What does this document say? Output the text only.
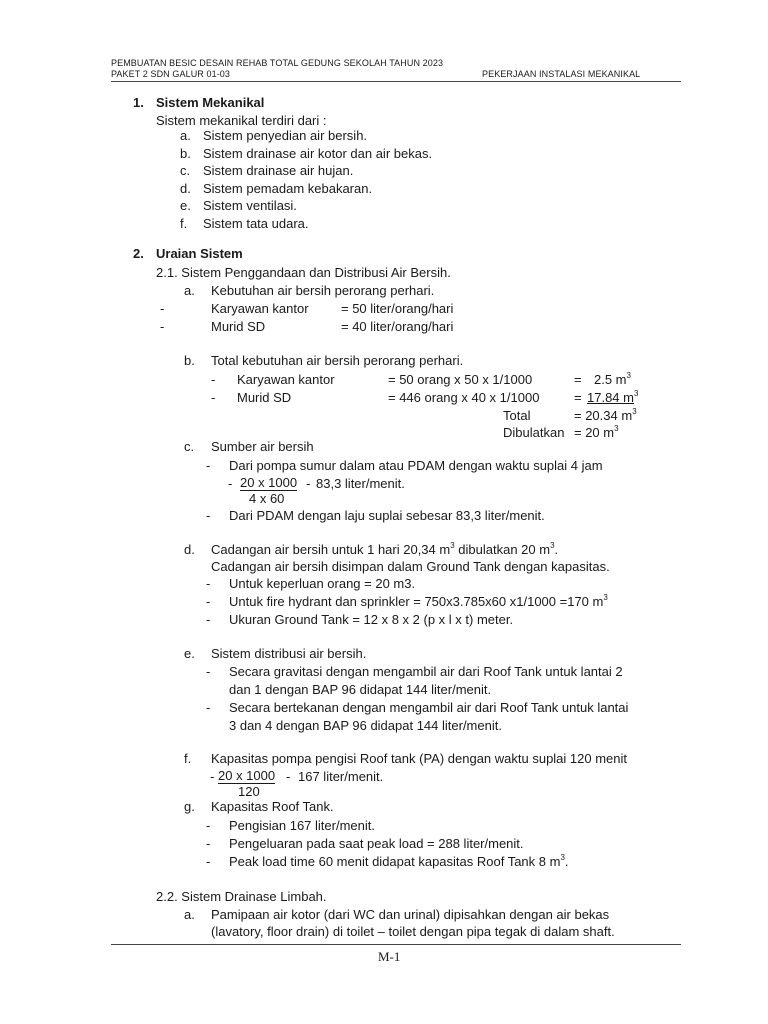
PEMBUATAN BESIC DESAIN REHAB TOTAL GEDUNG SEKOLAH TAHUN 2023
PAKET 2 SDN GALUR 01-03	PEKERJAAN INSTALASI MEKANIKAL
1. Sistem Mekanikal
Sistem mekanikal terdiri dari :
a. Sistem penyedian air bersih.
b. Sistem drainase air kotor dan air bekas.
c. Sistem drainase air hujan.
d. Sistem pemadam kebakaran.
e. Sistem ventilasi.
f. Sistem tata udara.
2. Uraian Sistem
2.1. Sistem Penggandaan dan Distribusi Air Bersih.
a. Kebutuhan air bersih perorang perhari.
-	Karyawan kantor = 50 liter/orang/hari
-	Murid SD	= 40 liter/orang/hari
b. Total kebutuhan air bersih perorang perhari.
- Karyawan kantor	= 50 orang x 50 x 1/1000	= 2.5 $m^3$
- Murid SD	= 446 orang x 40 x 1/1000	= 17.84 $m^3$
Total	= 20.34 $m^3$
Dibulatkan = 20 $m^3$
c. Sumber air bersih
- Dari pompa sumur dalam atau PDAM dengan waktu suplai 4 jam
- 20 x 1000 - 83,3 liter/menit.
4 x 60
- Dari PDAM dengan laju suplai sebesar 83,3 liter/menit.
d. Cadangan air bersih untuk 1 hari 20,34 $m^3$ dibulatkan 20 $m^3$.
Cadangan air bersih disimpan dalam Ground Tank dengan kapasitas.
- Untuk keperluan orang = 20 m3.
- Untuk fire hydrant dan sprinkler = 750x3.785x60 x1/1000 =170 $m^3$
- Ukuran Ground Tank = 12 x 8 x 2 (p x l x t) meter.
e. Sistem distribusi air bersih.
- Secara gravitasi dengan mengambil air dari Roof Tank untuk lantai 2
dan 1 dengan BAP 96 didapat 144 liter/menit.
- Secara bertekanan dengan mengambil air dari Roof Tank untuk lantai
3 dan 4 dengan BAP 96 didapat 144 liter/menit.
f. Kapasitas pompa pengisi Roof tank (PA) dengan waktu suplai 120 menit
- 20 x 1000 - 167 liter/menit.
120
g. Kapasitas Roof Tank.
- Pengisian 167 liter/menit.
- Pengeluaran pada saat peak load = 288 liter/menit.
- Peak load time 60 menit didapat kapasitas Roof Tank 8 $m^3$.
2.2. Sistem Drainase Limbah.
a. Pamipaan air kotor (dari WC dan urinal) dipisahkan dengan air bekas
(lavatory, floor drain) di toilet – toilet dengan pipa tegak di dalam shaft.
M-1
